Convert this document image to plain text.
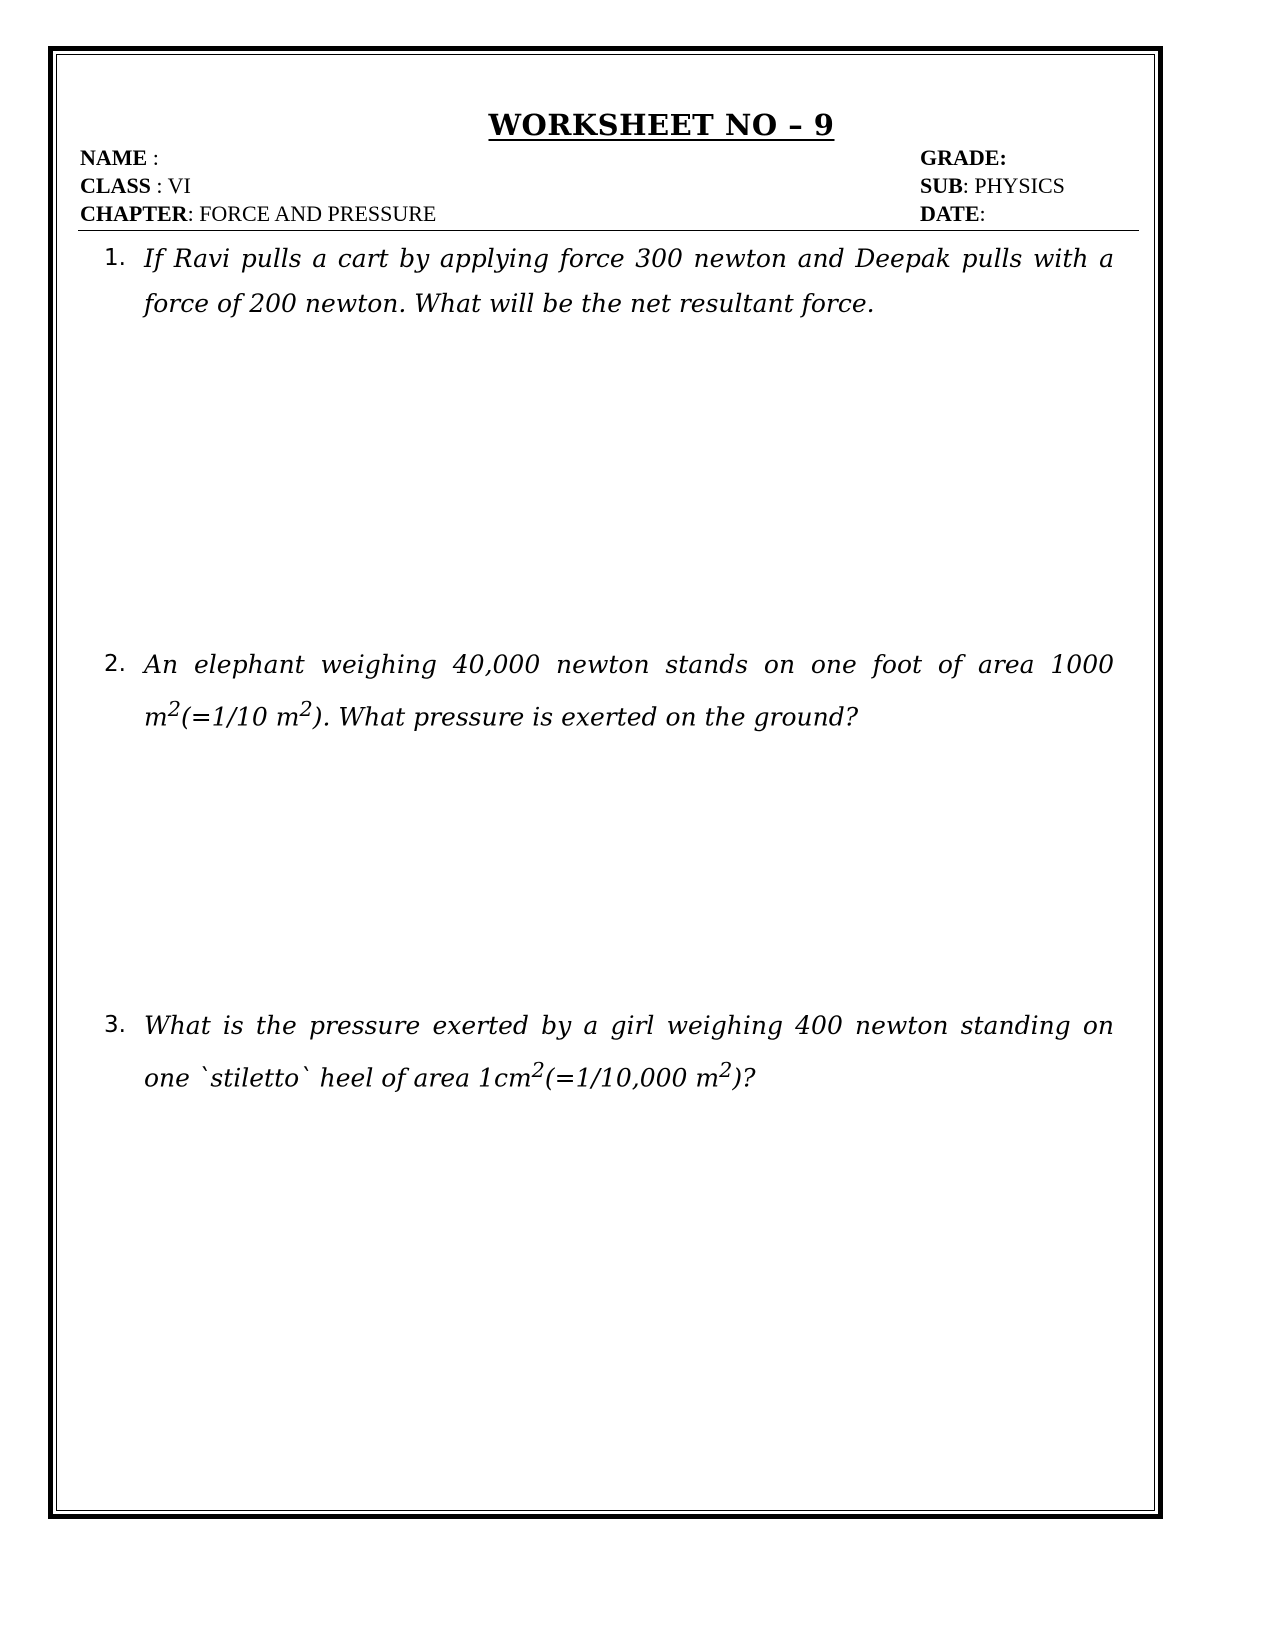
WORKSHEET NO – 9
NAME :
CLASS : VI
CHAPTER: FORCE AND PRESSURE
GRADE:
SUB: PHYSICS
DATE:
1. If Ravi pulls a cart by applying force 300 newton and Deepak pulls with a force of 200 newton. What will be the net resultant force.
2. An elephant weighing 40,000 newton stands on one foot of area 1000 $m^2(=1/10$ $m^2$). What pressure is exerted on the ground?
3. What is the pressure exerted by a girl weighing 400 newton standing on one `stiletto` heel of area $1cm^2(=1/10,000$ $m^2$)?
